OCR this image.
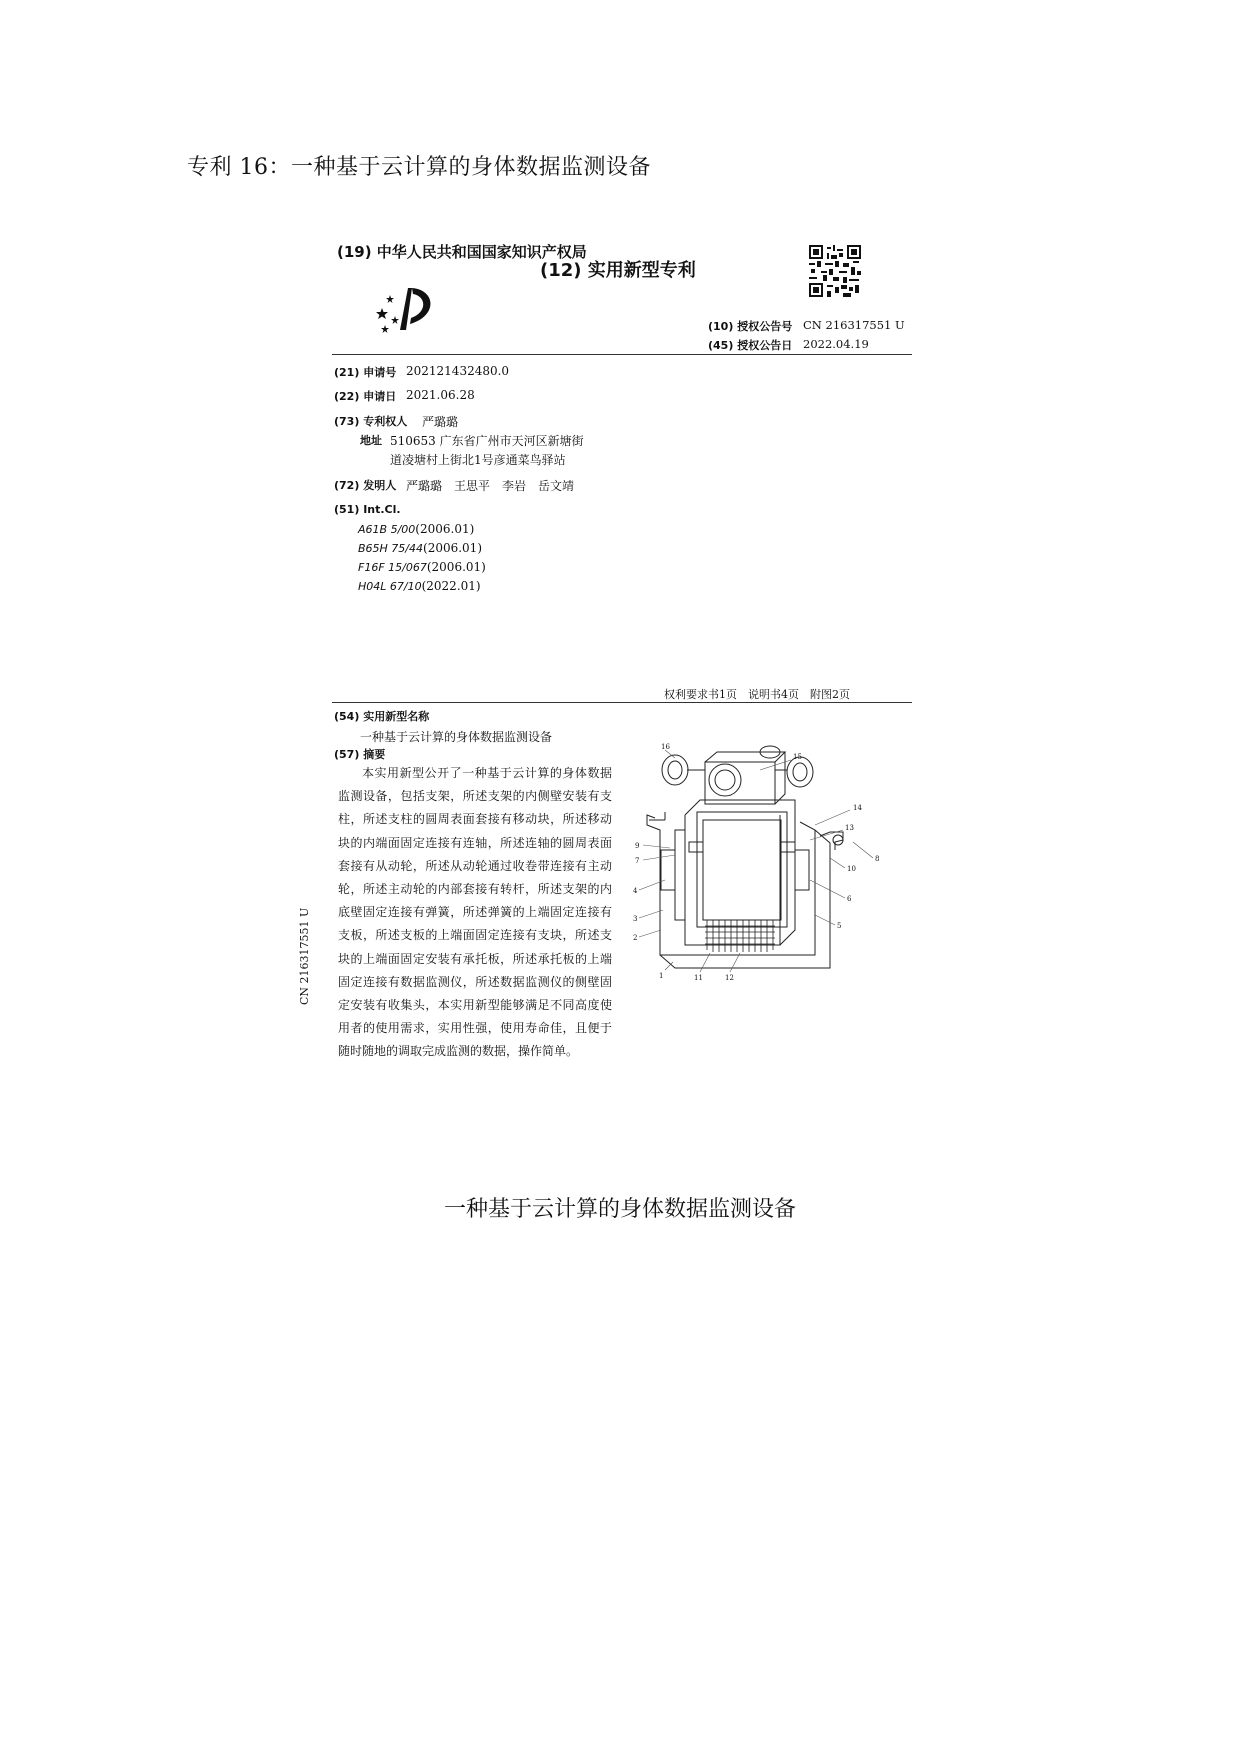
专利 16：一种基于云计算的身体数据监测设备
(19) 中华人民共和国国家知识产权局
(12) 实用新型专利
(10) 授权公告号 CN 216317551 U
(45) 授权公告日 2022.04.19
(21) 申请号 202121432480.0
(22) 申请日 2021.06.28
(73) 专利权人 严璐璐
地址 510653 广东省广州市天河区新塘街
道凌塘村上街北1号彦通菜鸟驿站
(72) 发明人 严璐璐　王思平　李岩　岳文靖
(51) Int.Cl.
A61B 5/00(2006.01)
B65H 75/44(2006.01)
F16F 15/067(2006.01)
H04L 67/10(2022.01)
权利要求书1页　说明书4页　附图2页
(54) 实用新型名称
一种基于云计算的身体数据监测设备
(57) 摘要
本实用新型公开了一种基于云计算的身体数据监测设备，包括支架，所述支架的内侧壁安装有支柱，所述支柱的圆周表面套接有移动块，所述移动块的内端面固定连接有连轴，所述连轴的圆周表面套接有从动轮，所述从动轮通过收卷带连接有主动轮，所述主动轮的内部套接有转杆，所述支架的内底壁固定连接有弹簧，所述弹簧的上端固定连接有支板，所述支板的上端面固定连接有支块，所述支块的上端面固定安装有承托板，所述承托板的上端固定连接有数据监测仪，所述数据监测仪的侧壁固定安装有收集头，本实用新型能够满足不同高度使用者的使用需求，实用性强，使用寿命佳，且便于随时随地的调取完成监测的数据，操作简单。
CN 216317551 U
16
15
14
13
9
7	8
10
6
4
5
3
2
1	11	12
一种基于云计算的身体数据监测设备
